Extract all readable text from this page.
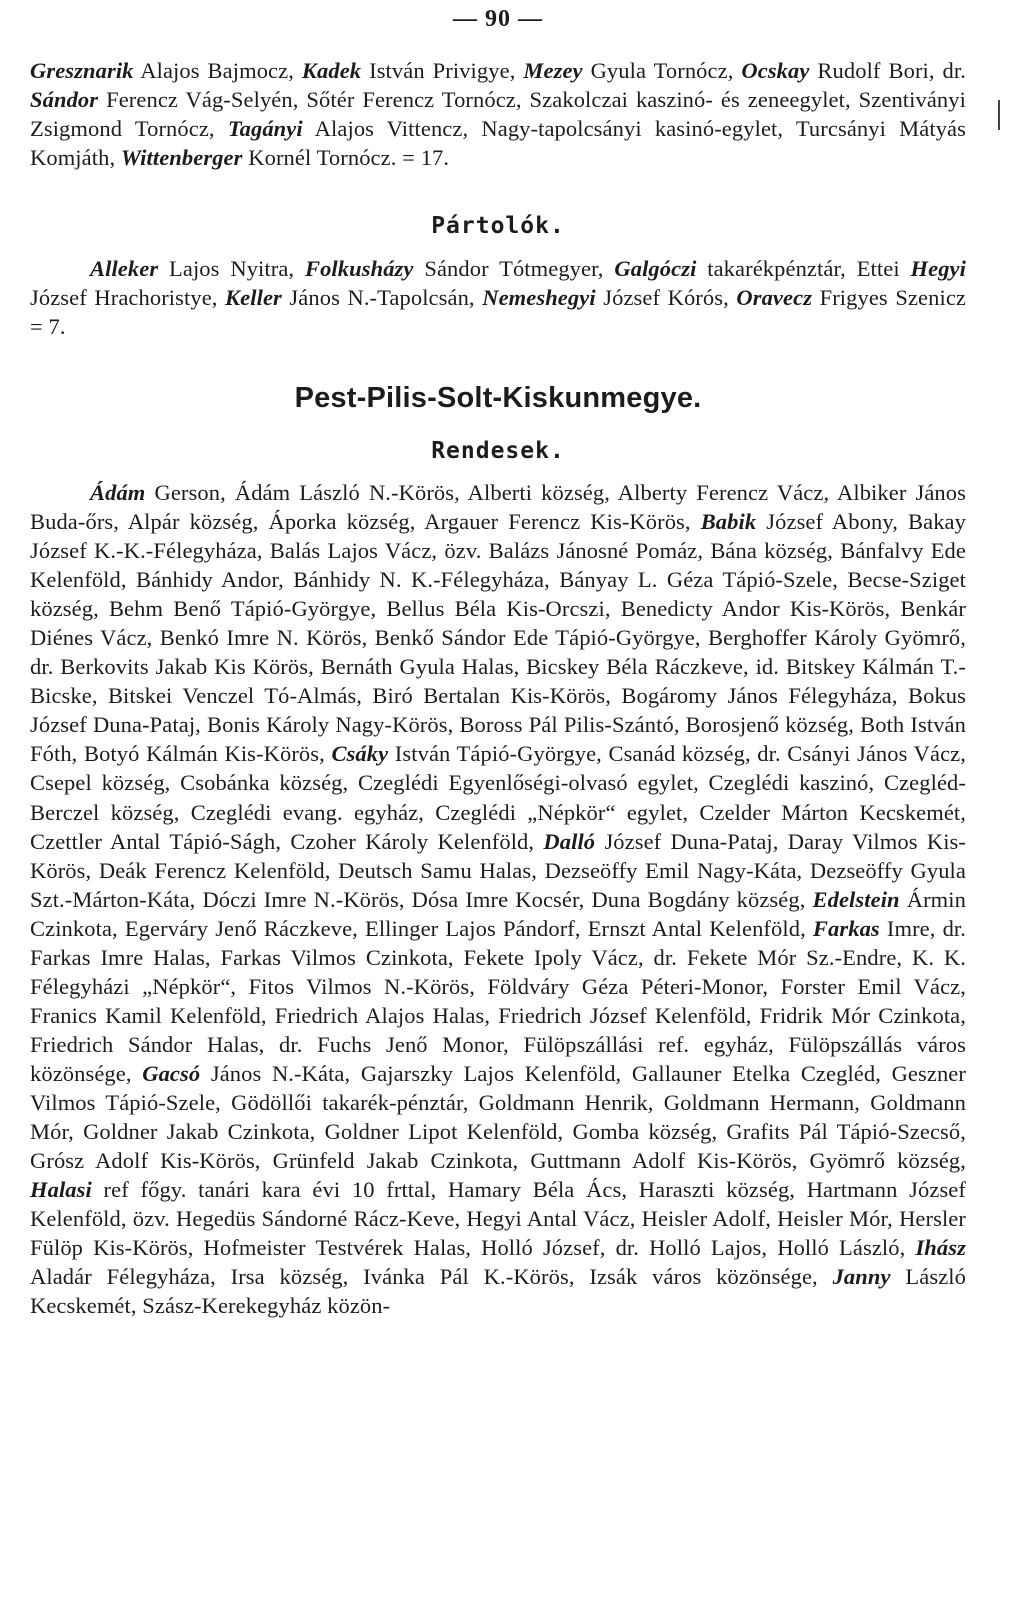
— 90 —

Gresznarik Alajos Bajmocz, Kadek István Privigye, Mezey Gyula Tornócz, Ocskay Rudolf Bori, dr. Sándor Ferencz Vág-Selyén, Sőtér Ferencz Tornócz, Szakolczai kaszinó- és zeneegylet, Szentiványi Zsigmond Tornócz, Tagányi Alajos Vittencz, Nagy-tapolcsányi kasinó-egylet, Turcsányi Mátyás Komjáth, Wittenberger Kornél Tornócz. = 17.

Pártolók.

Alleker Lajos Nyitra, Folkusházy Sándor Tótmegyer, Galgóczi takarékpénztár, Ettei Hegyi József Hrachoristye, Keller János N.-Tapolcsán, Nemeshegyi József Kórós, Oravecz Frigyes Szenicz = 7.

Pest-Pilis-Solt-Kiskunmegye.
Rendesek.

Ádám Gerson, Ádám László N.-Körös, Alberti község, Alberty Ferencz Vácz, Albiker János Buda-őrs, Alpár község, Áporka község, Argauer Ferencz Kis-Körös, Babik József Abony, Bakay József K.-K.-Félegyháza, Balás Lajos Vácz, özv. Balázs Jánosné Pomáz, Bána község, Bánfalvy Ede Kelenföld, Bánhidy Andor, Bánhidy N. K.-Félegyháza, Bányay L. Géza Tápió-Szele, Becse-Sziget község, Behm Benő Tápió-Györgye, Bellus Béla Kis-Orcszi, Benedicty Andor Kis-Körös, Benkár Diénes Vácz, Benkó Imre N. Körös, Benkő Sándor Ede Tápió-Györgye, Berghoffer Károly Gyömrő, dr. Berkovits Jakab Kis Körös, Bernáth Gyula Halas, Bicskey Béla Ráczkeve, id. Bitskey Kálmán T.-Bicske, Bitskei Venczel Tó-Almás, Biró Bertalan Kis-Körös, Bogáromy János Félegyháza, Bokus József Duna-Pataj, Bonis Károly Nagy-Körös, Boross Pál Pilis-Szántó, Borosjenő község, Both István Fóth, Botyó Kálmán Kis-Körös, Csáky István Tápió-Györgye, Csanád község, dr. Csányi János Vácz, Csepel község, Csobánka község, Czeglédi Egyenlőségi-olvasó egylet, Czeglédi kaszinó, Czegléd-Berczel község, Czeglédi evang. egyház, Czeglédi „Népkör“ egylet, Czelder Márton Kecskemét, Czettler Antal Tápió-Ságh, Czoher Károly Kelenföld, Dalló József Duna-Pataj, Daray Vilmos Kis-Körös, Deák Ferencz Kelenföld, Deutsch Samu Halas, Dezseöffy Emil Nagy-Káta, Dezseöffy Gyula Szt.-Márton-Káta, Dóczi Imre N.-Körös, Dósa Imre Kocsér, Duna Bogdány község, Edelstein Ármin Czinkota, Egerváry Jenő Ráczkeve, Ellinger Lajos Pándorf, Ernszt Antal Kelenföld, Farkas Imre, dr. Farkas Imre Halas, Farkas Vilmos Czinkota, Fekete Ipoly Vácz, dr. Fekete Mór Sz.-Endre, K. K. Félegyházi „Népkör“, Fitos Vilmos N.-Körös, Földváry Géza Péteri-Monor, Forster Emil Vácz, Franics Kamil Kelenföld, Friedrich Alajos Halas, Friedrich József Kelenföld, Fridrik Mór Czinkota, Friedrich Sándor Halas, dr. Fuchs Jenő Monor, Fülöpszállási ref. egyház, Fülöpszállás város közönsége, Gacsó János N.-Káta, Gajarszky Lajos Kelenföld, Gallauner Etelka Czegléd, Geszner Vilmos Tápió-Szele, Gödöllői takarék-pénztár, Goldmann Henrik, Goldmann Hermann, Goldmann Mór, Goldner Jakab Czinkota, Goldner Lipot Kelenföld, Gomba község, Grafits Pál Tápió-Szecső, Grósz Adolf Kis-Körös, Grünfeld Jakab Czinkota, Guttmann Adolf Kis-Körös, Gyömrő község, Halasi ref főgy. tanári kara évi 10 frttal, Hamary Béla Ács, Haraszti község, Hartmann József Kelenföld, özv. Hegedüs Sándorné Rácz-Keve, Hegyi Antal Vácz, Heisler Adolf, Heisler Mór, Hersler Fülöp Kis-Körös, Hofmeister Testvérek Halas, Holló József, dr. Holló Lajos, Holló László, Ihász Aladár Félegyháza, Irsa község, Ivánka Pál K.-Körös, Izsák város közönsége, Janny László Kecskemét, Szász-Kerekegyház közön-
